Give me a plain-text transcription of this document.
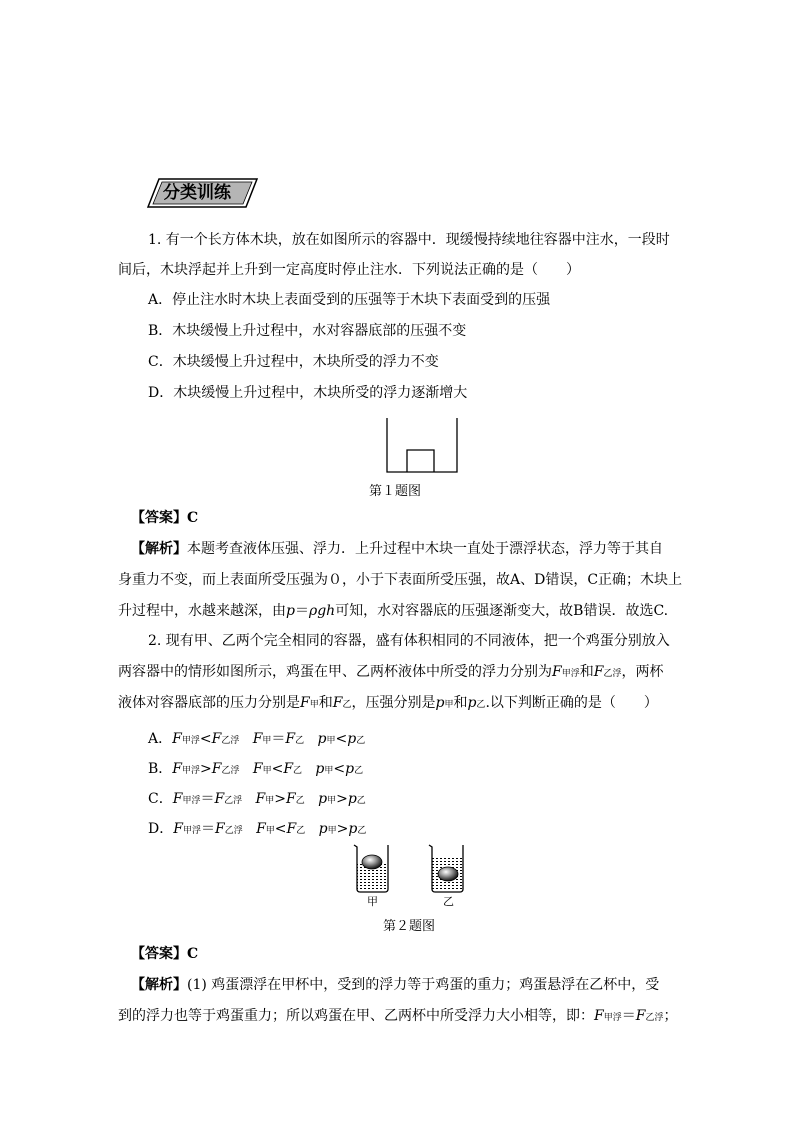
分类训练
1. 有一个长方体木块，放在如图所示的容器中．现缓慢持续地往容器中注水，一段时
间后，木块浮起并上升到一定高度时停止注水．下列说法正确的是（　　）
A．停止注水时木块上表面受到的压强等于木块下表面受到的压强
B．木块缓慢上升过程中，水对容器底部的压强不变
C．木块缓慢上升过程中，木块所受的浮力不变
D．木块缓慢上升过程中，木块所受的浮力逐渐增大
第１题图
【答案】C
【解析】本题考查液体压强、浮力．上升过程中木块一直处于漂浮状态，浮力等于其自
身重力不变，而上表面所受压强为０，小于下表面所受压强，故A、D错误，C正确；木块上
升过程中，水越来越深，由p＝ρgh可知，水对容器底的压强逐渐变大，故B错误．故选C.
2. 现有甲、乙两个完全相同的容器，盛有体积相同的不同液体，把一个鸡蛋分别放入
两容器中的情形如图所示，鸡蛋在甲、乙两杯液体中所受的浮力分别为F甲浮和F乙浮，两杯
液体对容器底部的压力分别是F甲和F乙，压强分别是p甲和p乙.以下判断正确的是（　　）
A．F甲浮<F乙浮 F甲＝F乙 p甲<p乙
B．F甲浮>F乙浮 F甲<F乙 p甲<p乙
C．F甲浮＝F乙浮 F甲>F乙 p甲>p乙
D．F甲浮＝F乙浮 F甲<F乙 p甲>p乙
甲	乙
第２题图
【答案】C
【解析】(1) 鸡蛋漂浮在甲杯中，受到的浮力等于鸡蛋的重力；鸡蛋悬浮在乙杯中，受
到的浮力也等于鸡蛋重力；所以鸡蛋在甲、乙两杯中所受浮力大小相等，即：F甲浮＝F乙浮；
